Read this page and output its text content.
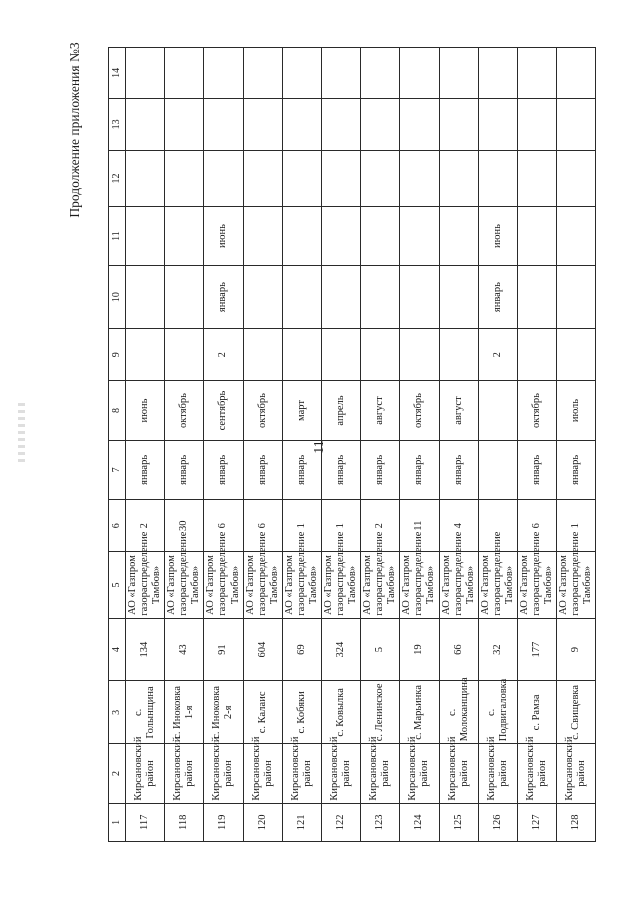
11
Продолжение приложения №3
1	2	3	4	5	6	7	8	9	10	11	12	13	14
117	Кирсановский район	с. Голынщина	134	АО «Газпром газораспределение Тамбов»	2	январь	июнь						
118	Кирсановский район	с. Иноковка 1-я	43	АО «Газпром газораспределение Тамбов»	30	январь	октябрь						
119	Кирсановский район	с. Иноковка 2-я	91	АО «Газпром газораспределение Тамбов»	6	январь	сентябрь	2	январь	июнь			
120	Кирсановский район	с. Калаис	604	АО «Газпром газораспределение Тамбов»	6	январь	октябрь						
121	Кирсановский район	с. Кобяки	69	АО «Газпром газораспределение Тамбов»	1	январь	март						
122	Кирсановский район	с. Ковылка	324	АО «Газпром газораспределение Тамбов»	1	январь	апрель						
123	Кирсановский район	с. Ленинское	5	АО «Газпром газораспределение Тамбов»	2	январь	август						
124	Кирсановский район	с. Марьинка	19	АО «Газпром газораспределение Тамбов»	11	январь	октябрь						
125	Кирсановский район	с. Молоканщина	66	АО «Газпром газораспределение Тамбов»	4	январь	август						
126	Кирсановский район	с. Подвигаловка	32	АО «Газпром газораспределение Тамбов»				2	январь	июнь			
127	Кирсановский район	с. Рамза	177	АО «Газпром газораспределение Тамбов»	6	январь	октябрь						
128	Кирсановский район	с. Свищевка	9	АО «Газпром газораспределение Тамбов»	1	январь	июль						
